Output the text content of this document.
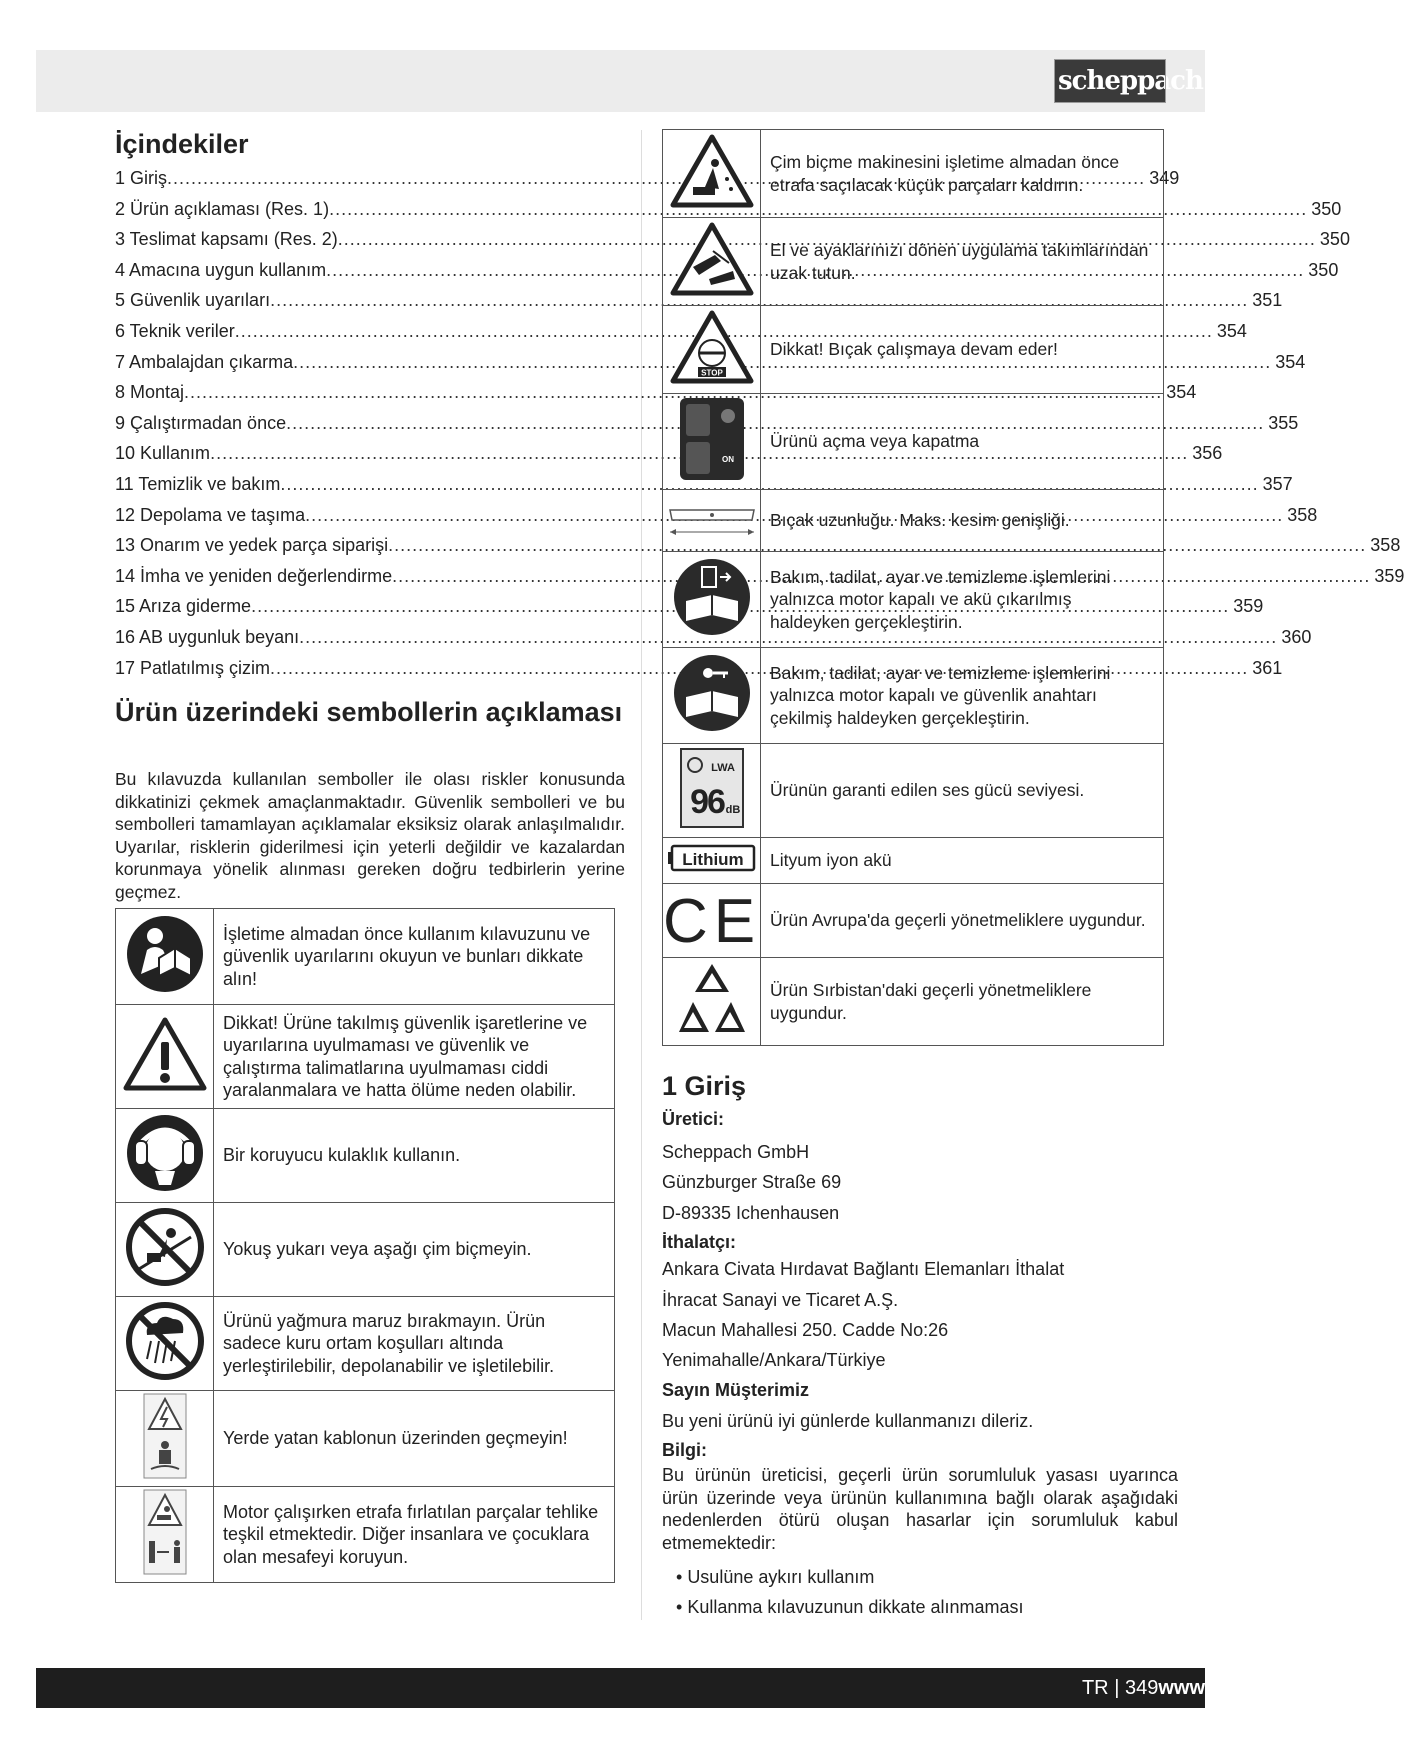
scheppach
İçindekiler
1 Giriş .....	349
2 Ürün açıklaması (Res. 1) .....	350
3 Teslimat kapsamı (Res. 2) .....	350
4 Amacına uygun kullanım .....	350
5 Güvenlik uyarıları .....	351
6 Teknik veriler .....	354
7 Ambalajdan çıkarma .....	354
8 Montaj .....	354
9 Çalıştırmadan önce .....	355
10 Kullanım .....	356
11 Temizlik ve bakım .....	357
12 Depolama ve taşıma .....	358
13 Onarım ve yedek parça siparişi .....	358
14 İmha ve yeniden değerlendirme .....	359
15 Arıza giderme .....	359
16 AB uygunluk beyanı .....	360
17 Patlatılmış çizim .....	361
Ürün üzerindeki sembollerin açıklaması

Bu kılavuzda kullanılan semboller ile olası riskler konusunda dikkatinizi çekmek amaçlanmaktadır. Güvenlik sembolleri ve bu sembolleri tamamlayan açıklamalar eksiksiz olarak anlaşılmalıdır. Uyarılar, risklerin giderilmesi için yeterli değildir ve kazalardan korunmaya yönelik alınması gereken doğru tedbirlerin yerine geçmez.

	İşletime almadan önce kullanım kılavuzunu ve güvenlik uyarılarını okuyun ve bunları dikkate alın!
	Dikkat! Ürüne takılmış güvenlik işaretlerine ve uyarılarına uyulmaması ve güvenlik ve çalıştırma talimatlarına uyulmaması ciddi yaralanmalara ve hatta ölüme neden olabilir.
	Bir koruyucu kulaklık kullanın.
	Yokuş yukarı veya aşağı çim biçmeyin.
	Ürünü yağmura maruz bırakmayın. Ürün sadece kuru ortam koşulları altında yerleştirilebilir, depolanabilir ve işletilebilir.
	Yerde yatan kablonun üzerinden geçmeyin!
	Motor çalışırken etrafa fırlatılan parçalar tehlike teşkil etmektedir. Diğer insanlara ve çocuklara olan mesafeyi koruyun.
	Çim biçme makinesini işletime almadan önce etrafa saçılacak küçük parçaları kaldırın.
	El ve ayaklarınızı dönen uygulama takımlarından uzak tutun.

STOP	Dikkat! Bıçak çalışmaya devam eder!

ON	Ürünü açma veya kapatma
	Bıçak uzunluğu. Maks. kesim genişliği.
	Bakım, tadilat, ayar ve temizleme işlemlerini yalnızca motor kapalı ve akü çıkarılmış haldeyken gerçekleştirin.
	Bakım, tadilat, ayar ve temizleme işlemlerini yalnızca motor kapalı ve güvenlik anahtarı çekilmiş haldeyken gerçekleştirin.

LWA
96 dB	Ürünün garanti edilen ses gücü seviyesi.

Lithium	Lityum iyon akü

CE	Ürün Avrupa'da geçerli yönetmeliklere uygundur.
	Ürün Sırbistan'daki geçerli yönetmeliklere uygundur.
1 Giriş
Üretici:
Scheppach GmbH
Günzburger Straße 69
D-89335 Ichenhausen
İthalatçı:
Ankara Civata Hırdavat Bağlantı Elemanları İthalat
İhracat Sanayi ve Ticaret A.Ş.
Macun Mahallesi 250. Cadde No:26
Yenimahalle/Ankara/Türkiye
Sayın Müşterimiz
Bu yeni ürünü iyi günlerde kullanmanızı dileriz.
Bilgi:

Bu ürünün üreticisi, geçerli ürün sorumluluk yasası uyarınca ürün üzerinde veya ürünün kullanımına bağlı olarak aşağıdaki nedenlerden ötürü oluşan hasarlar için sorumluluk kabul etmemektedir:

• Usulüne aykırı kullanım
• Kullanma kılavuzunun dikkate alınmaması
TR | 349www
